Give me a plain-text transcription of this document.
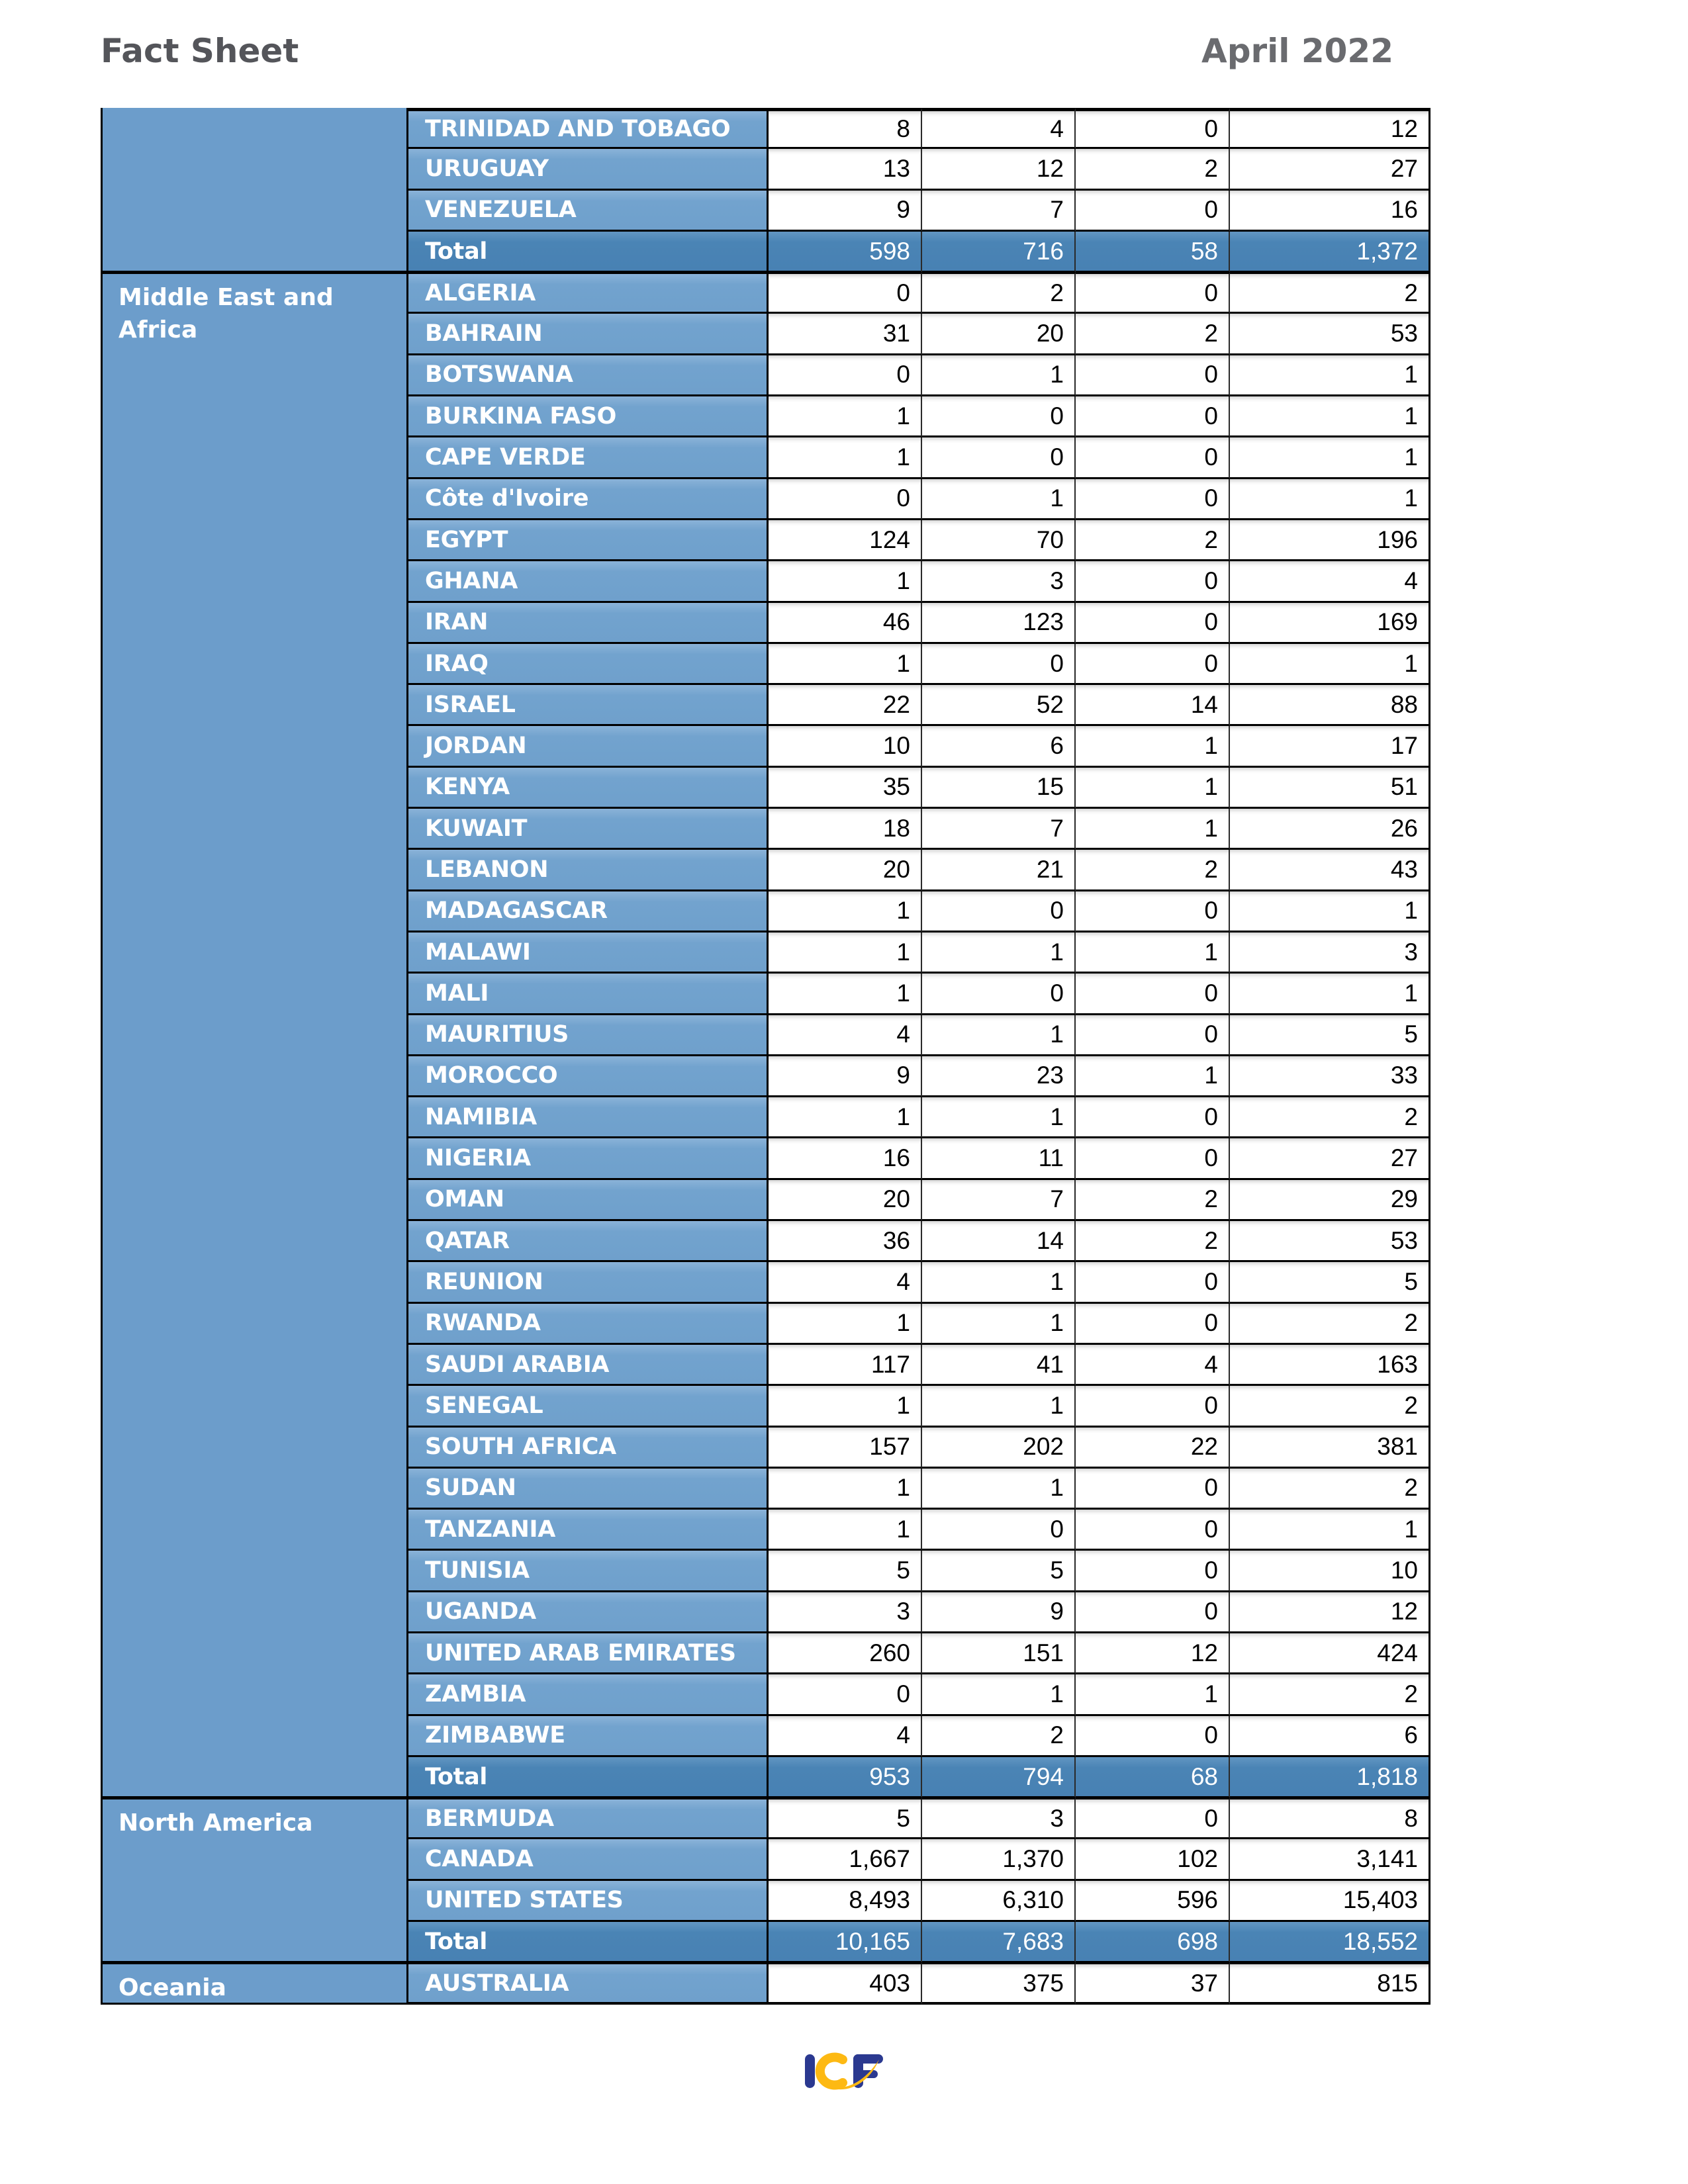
Fact Sheet	April 2022
TRINIDAD AND TOBAGO	8	4	0	12
URUGUAY	13	12	2	27
VENEZUELA	9	7	0	16
Total	598	716	58	1,372
Middle East and Africa
ALGERIA	0	2	0	2
BAHRAIN	31	20	2	53
BOTSWANA	0	1	0	1
BURKINA FASO	1	0	0	1
CAPE VERDE	1	0	0	1
Côte d'Ivoire	0	1	0	1
EGYPT	124	70	2	196
GHANA	1	3	0	4
IRAN	46	123	0	169
IRAQ	1	0	0	1
ISRAEL	22	52	14	88
JORDAN	10	6	1	17
KENYA	35	15	1	51
KUWAIT	18	7	1	26
LEBANON	20	21	2	43
MADAGASCAR	1	0	0	1
MALAWI	1	1	1	3
MALI	1	0	0	1
MAURITIUS	4	1	0	5
MOROCCO	9	23	1	33
NAMIBIA	1	1	0	2
NIGERIA	16	11	0	27
OMAN	20	7	2	29
QATAR	36	14	2	53
REUNION	4	1	0	5
RWANDA	1	1	0	2
SAUDI ARABIA	117	41	4	163
SENEGAL	1	1	0	2
SOUTH AFRICA	157	202	22	381
SUDAN	1	1	0	2
TANZANIA	1	0	0	1
TUNISIA	5	5	0	10
UGANDA	3	9	0	12
UNITED ARAB EMIRATES	260	151	12	424
ZAMBIA	0	1	1	2
ZIMBABWE	4	2	0	6
Total	953	794	68	1,818
North America	BERMUDA	5	3	0	8
CANADA	1,667	1,370	102	3,141
UNITED STATES	8,493	6,310	596	15,403
Total	10,165	7,683	698	18,552
Oceania	AUSTRALIA	403	375	37	815
